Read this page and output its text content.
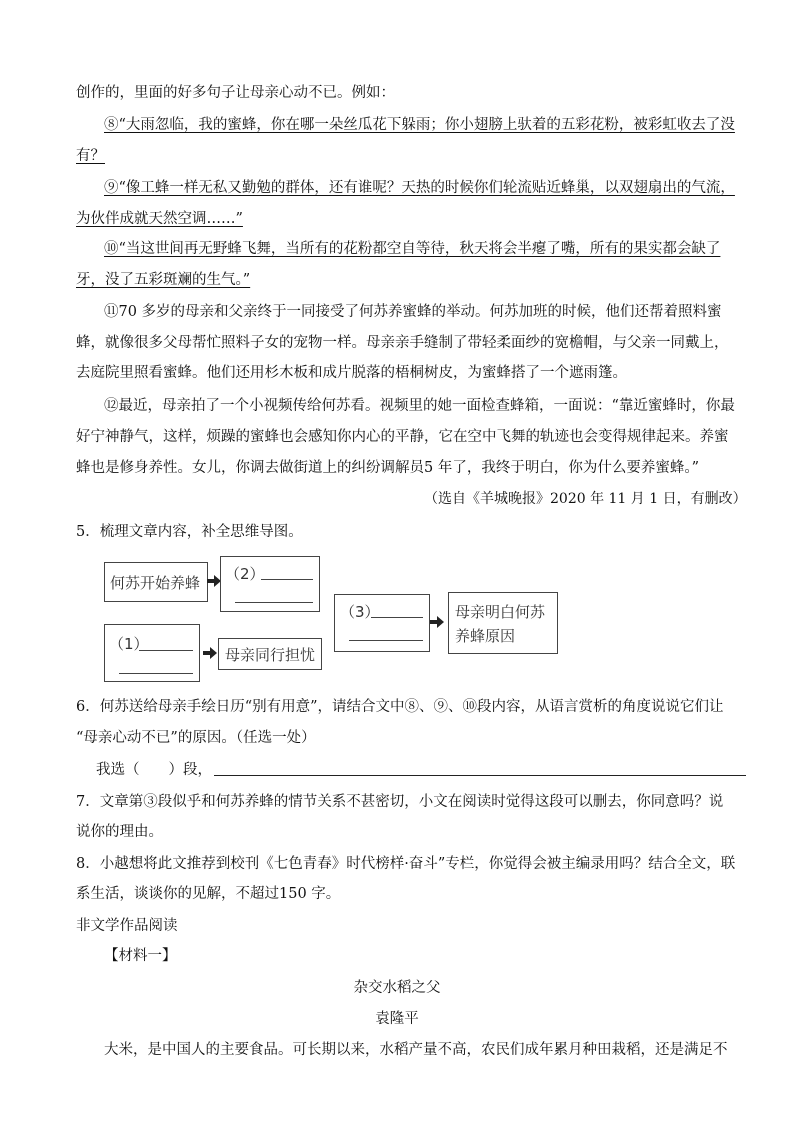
创作的，里面的好多句子让母亲心动不已。例如：
⑧“大雨忽临，我的蜜蜂，你在哪一朵丝瓜花下躲雨；你小翅膀上驮着的五彩花粉，被彩虹收去了没
有？
⑨“像工蜂一样无私又勤勉的群体，还有谁呢？天热的时候你们轮流贴近蜂巢，以双翅扇出的气流，
为伙伴成就天然空调……”
⑩“当这世间再无野蜂飞舞，当所有的花粉都空自等待，秋天将会半瘪了嘴，所有的果实都会缺了
牙，没了五彩斑斓的生气。”
⑪70 多岁的母亲和父亲终于一同接受了何苏养蜜蜂的举动。何苏加班的时候，他们还帮着照料蜜
蜂，就像很多父母帮忙照料子女的宠物一样。母亲亲手缝制了带轻柔面纱的宽檐帽，与父亲一同戴上，
去庭院里照看蜜蜂。他们还用杉木板和成片脱落的梧桐树皮，为蜜蜂搭了一个遮雨篷。
⑫最近，母亲拍了一个小视频传给何苏看。视频里的她一面检查蜂箱，一面说：“靠近蜜蜂时，你最
好宁神静气，这样，烦躁的蜜蜂也会感知你内心的平静，它在空中飞舞的轨迹也会变得规律起来。养蜜
蜂也是修身养性。女儿，你调去做街道上的纠纷调解员5 年了，我终于明白，你为什么要养蜜蜂。”
（选自《羊城晚报》2020 年 11 月 1 日，有删改）
5．梳理文章内容，补全思维导图。
何苏开始养蜂 （2）
（1）
母亲同行担忧
（3）	母亲明白何苏
养蜂原因
6．何苏送给母亲手绘日历“别有用意”，请结合文中⑧、⑨、⑩段内容，从语言赏析的角度说说它们让
“母亲心动不已”的原因。（任选一处）
我选（　　）段，
7．文章第③段似乎和何苏养蜂的情节关系不甚密切，小文在阅读时觉得这段可以删去，你同意吗？说
说你的理由。
8．小越想将此文推荐到校刊《七色青春》时代榜样·奋斗”专栏，你觉得会被主编录用吗？结合全文，联
系生活，谈谈你的见解，不超过150 字。
非文学作品阅读
【材料一】
杂交水稻之父
袁隆平
大米，是中国人的主要食品。可长期以来，水稻产量不高，农民们成年累月种田栽稻，还是满足不
